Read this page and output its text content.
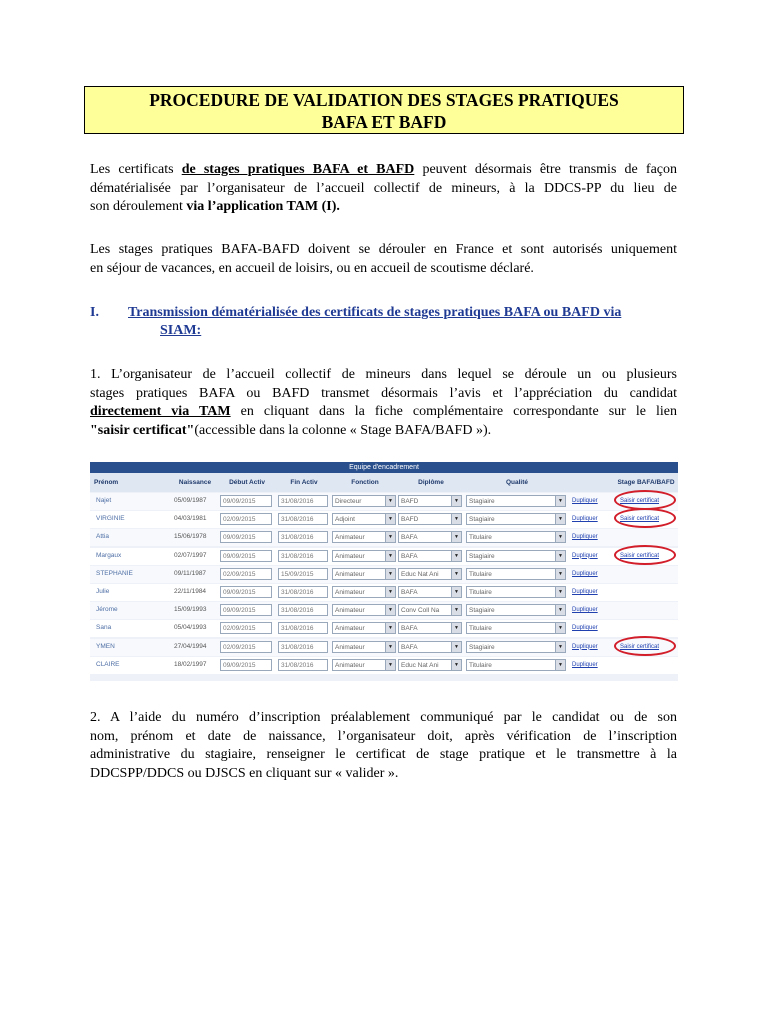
PROCEDURE DE VALIDATION DES STAGES PRATIQUES
BAFA ET BAFD
Les certificats de stages pratiques BAFA et BAFD peuvent désormais être transmis de façon
dématérialisée par l’organisateur de l’accueil collectif de mineurs, à la DDCS-PP du lieu de
son déroulement via l’application TAM (I).
Les stages pratiques BAFA-BAFD doivent se dérouler en France et sont autorisés uniquement
en séjour de vacances, en accueil de loisirs, ou en accueil de scoutisme déclaré.
I. Transmission dématérialisée des certificats de stages pratiques BAFA ou BAFD via
SIAM:
1. L’organisateur de l’accueil collectif de mineurs dans lequel se déroule un ou plusieurs
stages pratiques BAFA ou BAFD transmet désormais l’avis et l’appréciation du candidat
directement via TAM en cliquant dans la fiche complémentaire correspondante sur le lien
"saisir certificat"(accessible dans la colonne « Stage BAFA/BAFD »).
Equipe d'encadrement
Prénom	Naissance	Début Activ	Fin Activ	Fonction	Diplôme	Qualité	Stage BAFA/BAFD
Najet	05/09/1987	09/09/2015	31/08/2016	Directeur	▼	BAFD	▼	Stagiaire	▼	Dupliquer	Saisir certificat
VIRGINIE	04/03/1981	02/09/2015	31/08/2016	Adjoint	▼	BAFD	▼	Stagiaire	▼	Dupliquer	Saisir certificat
Attia	15/06/1978	09/09/2015	31/08/2016	Animateur	▼	BAFA	▼	Titulaire	▼	Dupliquer
Margaux	02/07/1997	09/09/2015	31/08/2016	Animateur	▼	BAFA	▼	Stagiaire	▼	Dupliquer	Saisir certificat
STEPHANIE	09/11/1987	02/09/2015	15/09/2015	Animateur	▼	Educ Nat Ani	▼	Titulaire	▼	Dupliquer
Julie	22/11/1984	09/09/2015	31/08/2016	Animateur	▼	BAFA	▼	Titulaire	▼	Dupliquer
Jérome	15/09/1993	09/09/2015	31/08/2016	Animateur	▼	Conv Coll Na	▼	Stagiaire	▼	Dupliquer
Sana	05/04/1993	02/09/2015	31/08/2016	Animateur	▼	BAFA	▼	Titulaire	▼	Dupliquer
YMEN	27/04/1994	02/09/2015	31/08/2016	Animateur	▼	BAFA	▼	Stagiaire	▼	Dupliquer	Saisir certificat
CLAIRE	18/02/1997	09/09/2015	31/08/2016	Animateur	▼	Educ Nat Ani	▼	Titulaire	▼	Dupliquer
2. A l’aide du numéro d’inscription préalablement communiqué par le candidat ou de son
nom, prénom et date de naissance, l’organisateur doit, après vérification de l’inscription
administrative du stagiaire, renseigner le certificat de stage pratique et le transmettre à la
DDCSPP/DDCS ou DJSCS en cliquant sur « valider ».
